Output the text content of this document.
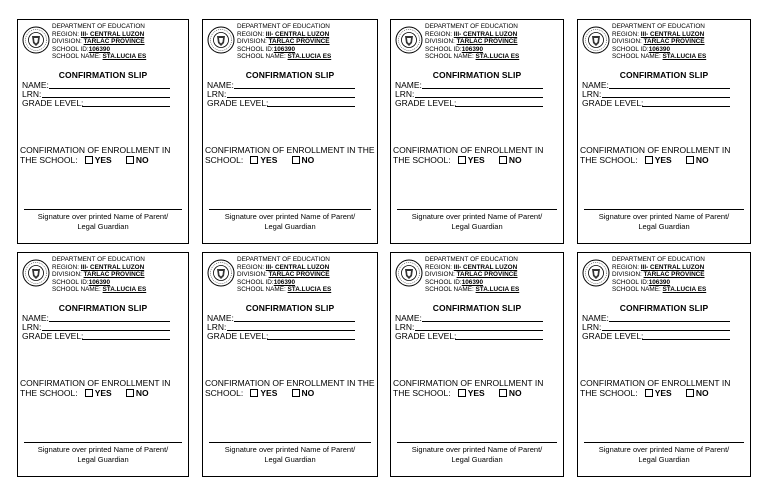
DEPARTMENT OF EDUCATION
REGION: III- CENTRAL LUZON
DIVISION: TARLAC PROVINCE
SCHOOL ID:106390
SCHOOL NAME: STA.LUCIA ES
CONFIRMATION SLIP
NAME:
LRN:
GRADE LEVEL:
CONFIRMATION OF ENROLLMENT IN THE SCHOOL: YES	NO
Signature over printed Name of Parent/
Legal Guardian
DEPARTMENT OF EDUCATION
REGION: III- CENTRAL LUZON
DIVISION: TARLAC PROVINCE
SCHOOL ID:106390
SCHOOL NAME: STA.LUCIA ES
CONFIRMATION SLIP
NAME:
LRN:
GRADE LEVEL:
CONFIRMATION OF ENROLLMENT IN THE SCHOOL: YES	NO
Signature over printed Name of Parent/
Legal Guardian
DEPARTMENT OF EDUCATION
REGION: III- CENTRAL LUZON
DIVISION: TARLAC PROVINCE
SCHOOL ID:106390
SCHOOL NAME: STA.LUCIA ES
CONFIRMATION SLIP
NAME:
LRN:
GRADE LEVEL:
CONFIRMATION OF ENROLLMENT IN THE SCHOOL: YES	NO
Signature over printed Name of Parent/
Legal Guardian
DEPARTMENT OF EDUCATION
REGION: III- CENTRAL LUZON
DIVISION: TARLAC PROVINCE
SCHOOL ID:106390
SCHOOL NAME: STA.LUCIA ES
CONFIRMATION SLIP
NAME:
LRN:
GRADE LEVEL:
CONFIRMATION OF ENROLLMENT IN THE SCHOOL: YES	NO
Signature over printed Name of Parent/
Legal Guardian
DEPARTMENT OF EDUCATION
REGION: III- CENTRAL LUZON
DIVISION: TARLAC PROVINCE
SCHOOL ID:106390
SCHOOL NAME: STA.LUCIA ES
CONFIRMATION SLIP
NAME:
LRN:
GRADE LEVEL:
CONFIRMATION OF ENROLLMENT IN THE SCHOOL: YES	NO
Signature over printed Name of Parent/
Legal Guardian
DEPARTMENT OF EDUCATION
REGION: III- CENTRAL LUZON
DIVISION: TARLAC PROVINCE
SCHOOL ID:106390
SCHOOL NAME: STA.LUCIA ES
CONFIRMATION SLIP
NAME:
LRN:
GRADE LEVEL:
CONFIRMATION OF ENROLLMENT IN THE SCHOOL: YES	NO
Signature over printed Name of Parent/
Legal Guardian
DEPARTMENT OF EDUCATION
REGION: III- CENTRAL LUZON
DIVISION: TARLAC PROVINCE
SCHOOL ID:106390
SCHOOL NAME: STA.LUCIA ES
CONFIRMATION SLIP
NAME:
LRN:
GRADE LEVEL:
CONFIRMATION OF ENROLLMENT IN THE SCHOOL: YES	NO
Signature over printed Name of Parent/
Legal Guardian
DEPARTMENT OF EDUCATION
REGION: III- CENTRAL LUZON
DIVISION: TARLAC PROVINCE
SCHOOL ID:106390
SCHOOL NAME: STA.LUCIA ES
CONFIRMATION SLIP
NAME:
LRN:
GRADE LEVEL:
CONFIRMATION OF ENROLLMENT IN THE SCHOOL: YES	NO
Signature over printed Name of Parent/
Legal Guardian
